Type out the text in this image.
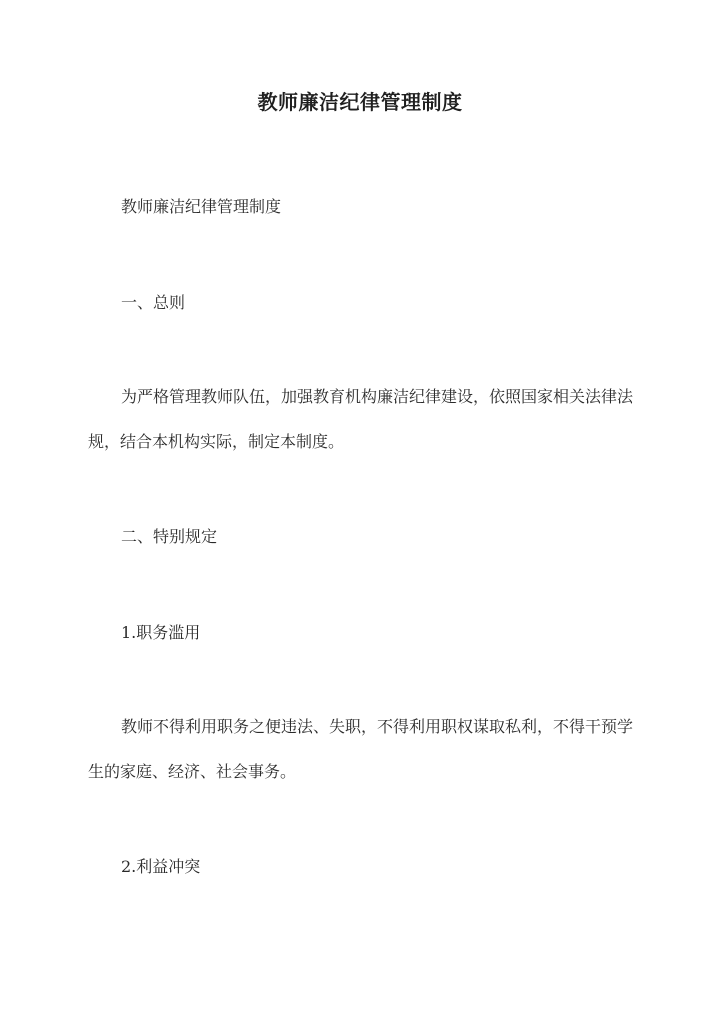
教师廉洁纪律管理制度

教师廉洁纪律管理制度

一、总则

为严格管理教师队伍，加强教育机构廉洁纪律建设，依照国家相关法律法规，结合本机构实际，制定本制度。

二、特别规定

1.职务滥用

教师不得利用职务之便违法、失职，不得利用职权谋取私利，不得干预学生的家庭、经济、社会事务。

2.利益冲突
